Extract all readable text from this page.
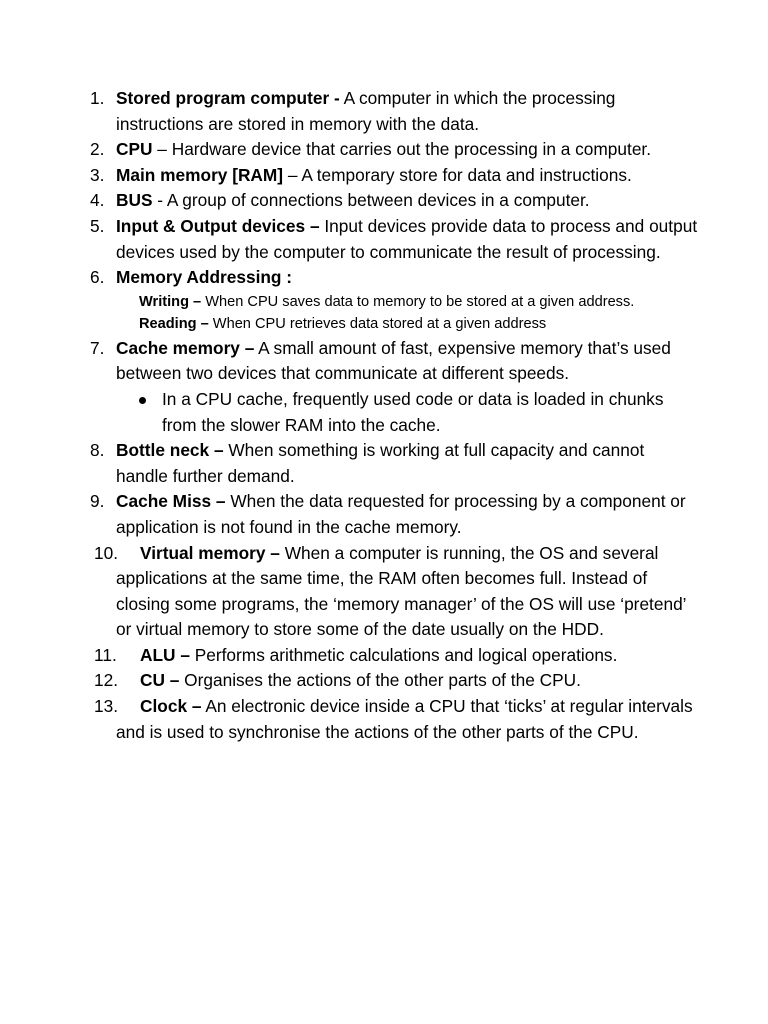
1. Stored program computer - A computer in which the processing instructions are stored in memory with the data.
2. CPU – Hardware device that carries out the processing in a computer.
3. Main memory [RAM] – A temporary store for data and instructions.
4. BUS - A group of connections between devices in a computer.
5. Input & Output devices – Input devices provide data to process and output devices used by the computer to communicate the result of processing.
6. Memory Addressing :
Writing – When CPU saves data to memory to be stored at a given address.
Reading – When CPU retrieves data stored at a given address
7. Cache memory – A small amount of fast, expensive memory that’s used between two devices that communicate at different speeds.
In a CPU cache, frequently used code or data is loaded in chunks from the slower RAM into the cache.
8. Bottle neck – When something is working at full capacity and cannot handle further demand.
9. Cache Miss – When the data requested for processing by a component or application is not found in the cache memory.
10. Virtual memory – When a computer is running, the OS and several applications at the same time, the RAM often becomes full. Instead of closing some programs, the ‘memory manager’ of the OS will use ‘pretend’ or virtual memory to store some of the date usually on the HDD.
11. ALU – Performs arithmetic calculations and logical operations.
12. CU – Organises the actions of the other parts of the CPU.
13. Clock – An electronic device inside a CPU that ‘ticks’ at regular intervals and is used to synchronise the actions of the other parts of the CPU.
